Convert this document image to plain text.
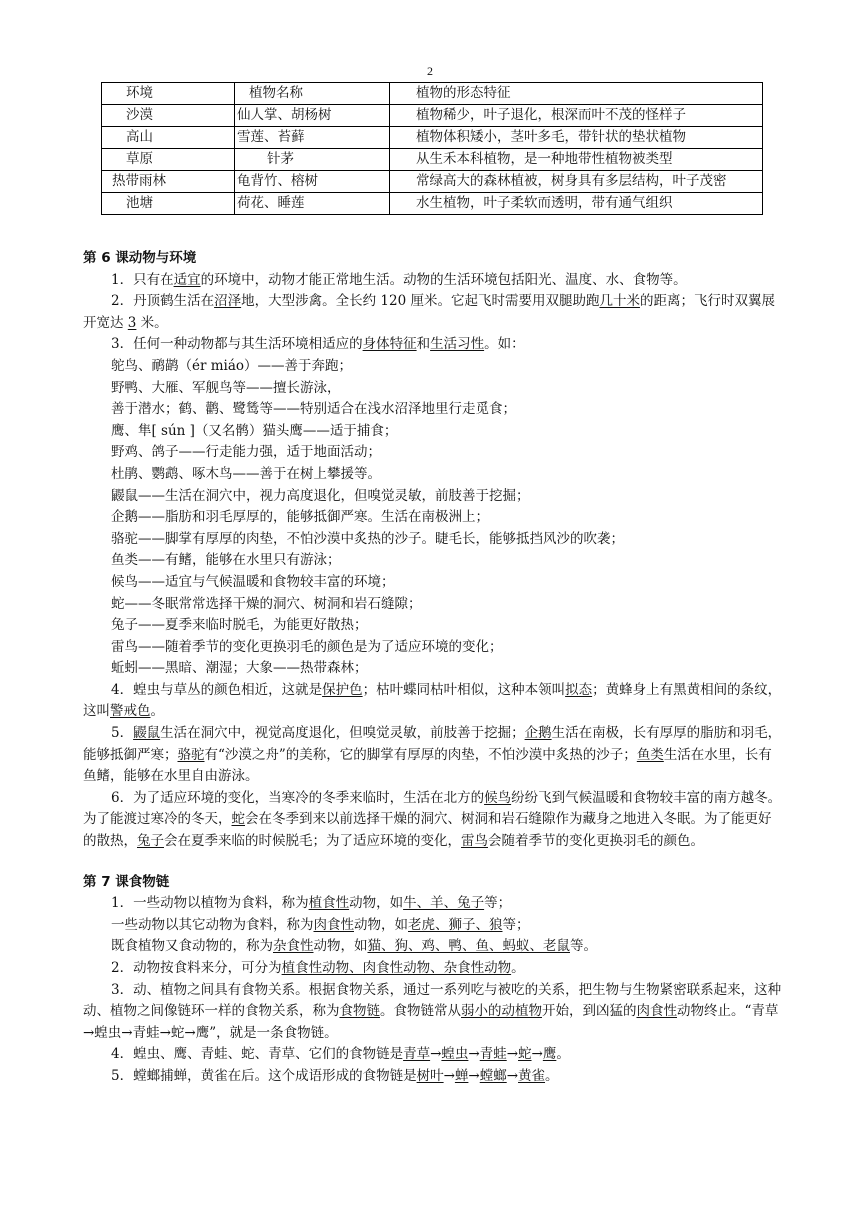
2
环境	植物名称	植物的形态特征
沙漠	仙人掌、胡杨树	植物稀少，叶子退化，根深而叶不茂的怪样子
高山	雪莲、苔藓	植物体积矮小，茎叶多毛，带针状的垫状植物
草原	针茅	从生禾本科植物，是一种地带性植物被类型
热带雨林	龟背竹、榕树	常绿高大的森林植被，树身具有多层结构，叶子茂密
池塘	荷花、睡莲	水生植物，叶子柔软而透明，带有通气组织

第 6 课动物与环境

1．只有在适宜的环境中，动物才能正常地生活。动物的生活环境包括阳光、温度、水、食物等。

2．丹顶鹤生活在沼泽地，大型涉禽。全长约 120 厘米。它起飞时需要用双腿助跑几十米的距离；飞行时双翼展开宽达 3 米。

3．任何一种动物都与其生活环境相适应的身体特征和生活习性。如：

鸵鸟、鸸鹋（ér miáo）——善于奔跑；

野鸭、大雁、军舰鸟等——擅长游泳，

善于潜水；鹤、鹳、鹭鸶等——特别适合在浅水沼泽地里行走觅食；

鹰、隼[ sún ]（又名鹘）猫头鹰——适于捕食；

野鸡、鸽子——行走能力强，适于地面活动；

杜鹃、鹦鹉、啄木鸟——善于在树上攀援等。

鼹鼠——生活在洞穴中，视力高度退化，但嗅觉灵敏，前肢善于挖掘；

企鹅——脂肪和羽毛厚厚的，能够抵御严寒。生活在南极洲上；

骆驼——脚掌有厚厚的肉垫，不怕沙漠中炙热的沙子。睫毛长，能够抵挡风沙的吹袭；

鱼类——有鳍，能够在水里只有游泳；

候鸟——适宜与气候温暖和食物较丰富的环境；

蛇——冬眠常常选择干燥的洞穴、树洞和岩石缝隙；

兔子——夏季来临时脱毛，为能更好散热；

雷鸟——随着季节的变化更换羽毛的颜色是为了适应环境的变化；

蚯蚓——黑暗、潮湿；大象——热带森林；

4．蝗虫与草丛的颜色相近，这就是保护色；枯叶蝶同枯叶相似，这种本领叫拟态；黄蜂身上有黑黄相间的条纹，这叫警戒色。

5．鼹鼠生活在洞穴中，视觉高度退化，但嗅觉灵敏，前肢善于挖掘；企鹅生活在南极，长有厚厚的脂肪和羽毛，能够抵御严寒；骆驼有“沙漠之舟”的美称，它的脚掌有厚厚的肉垫，不怕沙漠中炙热的沙子；鱼类生活在水里，长有鱼鳍，能够在水里自由游泳。

6．为了适应环境的变化，当寒冷的冬季来临时，生活在北方的候鸟纷纷飞到气候温暖和食物较丰富的南方越冬。为了能渡过寒冷的冬天，蛇会在冬季到来以前选择干燥的洞穴、树洞和岩石缝隙作为藏身之地进入冬眠。为了能更好的散热，兔子会在夏季来临的时候脱毛；为了适应环境的变化，雷鸟会随着季节的变化更换羽毛的颜色。

第 7 课食物链

1．一些动物以植物为食料，称为植食性动物，如牛、羊、兔子等；

一些动物以其它动物为食料，称为肉食性动物，如老虎、狮子、狼等；

既食植物又食动物的，称为杂食性动物，如猫、狗、鸡、鸭、鱼、蚂蚁、老鼠等。

2．动物按食料来分，可分为植食性动物、肉食性动物、杂食性动物。

3．动、植物之间具有食物关系。根据食物关系，通过一系列吃与被吃的关系，把生物与生物紧密联系起来，这种动、植物之间像链环一样的食物关系，称为食物链。食物链常从弱小的动植物开始，到凶猛的肉食性动物终止。“青草→蝗虫→青蛙→蛇→鹰”，就是一条食物链。

4．蝗虫、鹰、青蛙、蛇、青草、它们的食物链是青草→蝗虫→青蛙→蛇→鹰。

5．螳螂捕蝉，黄雀在后。这个成语形成的食物链是树叶→蝉→螳螂→黄雀。
